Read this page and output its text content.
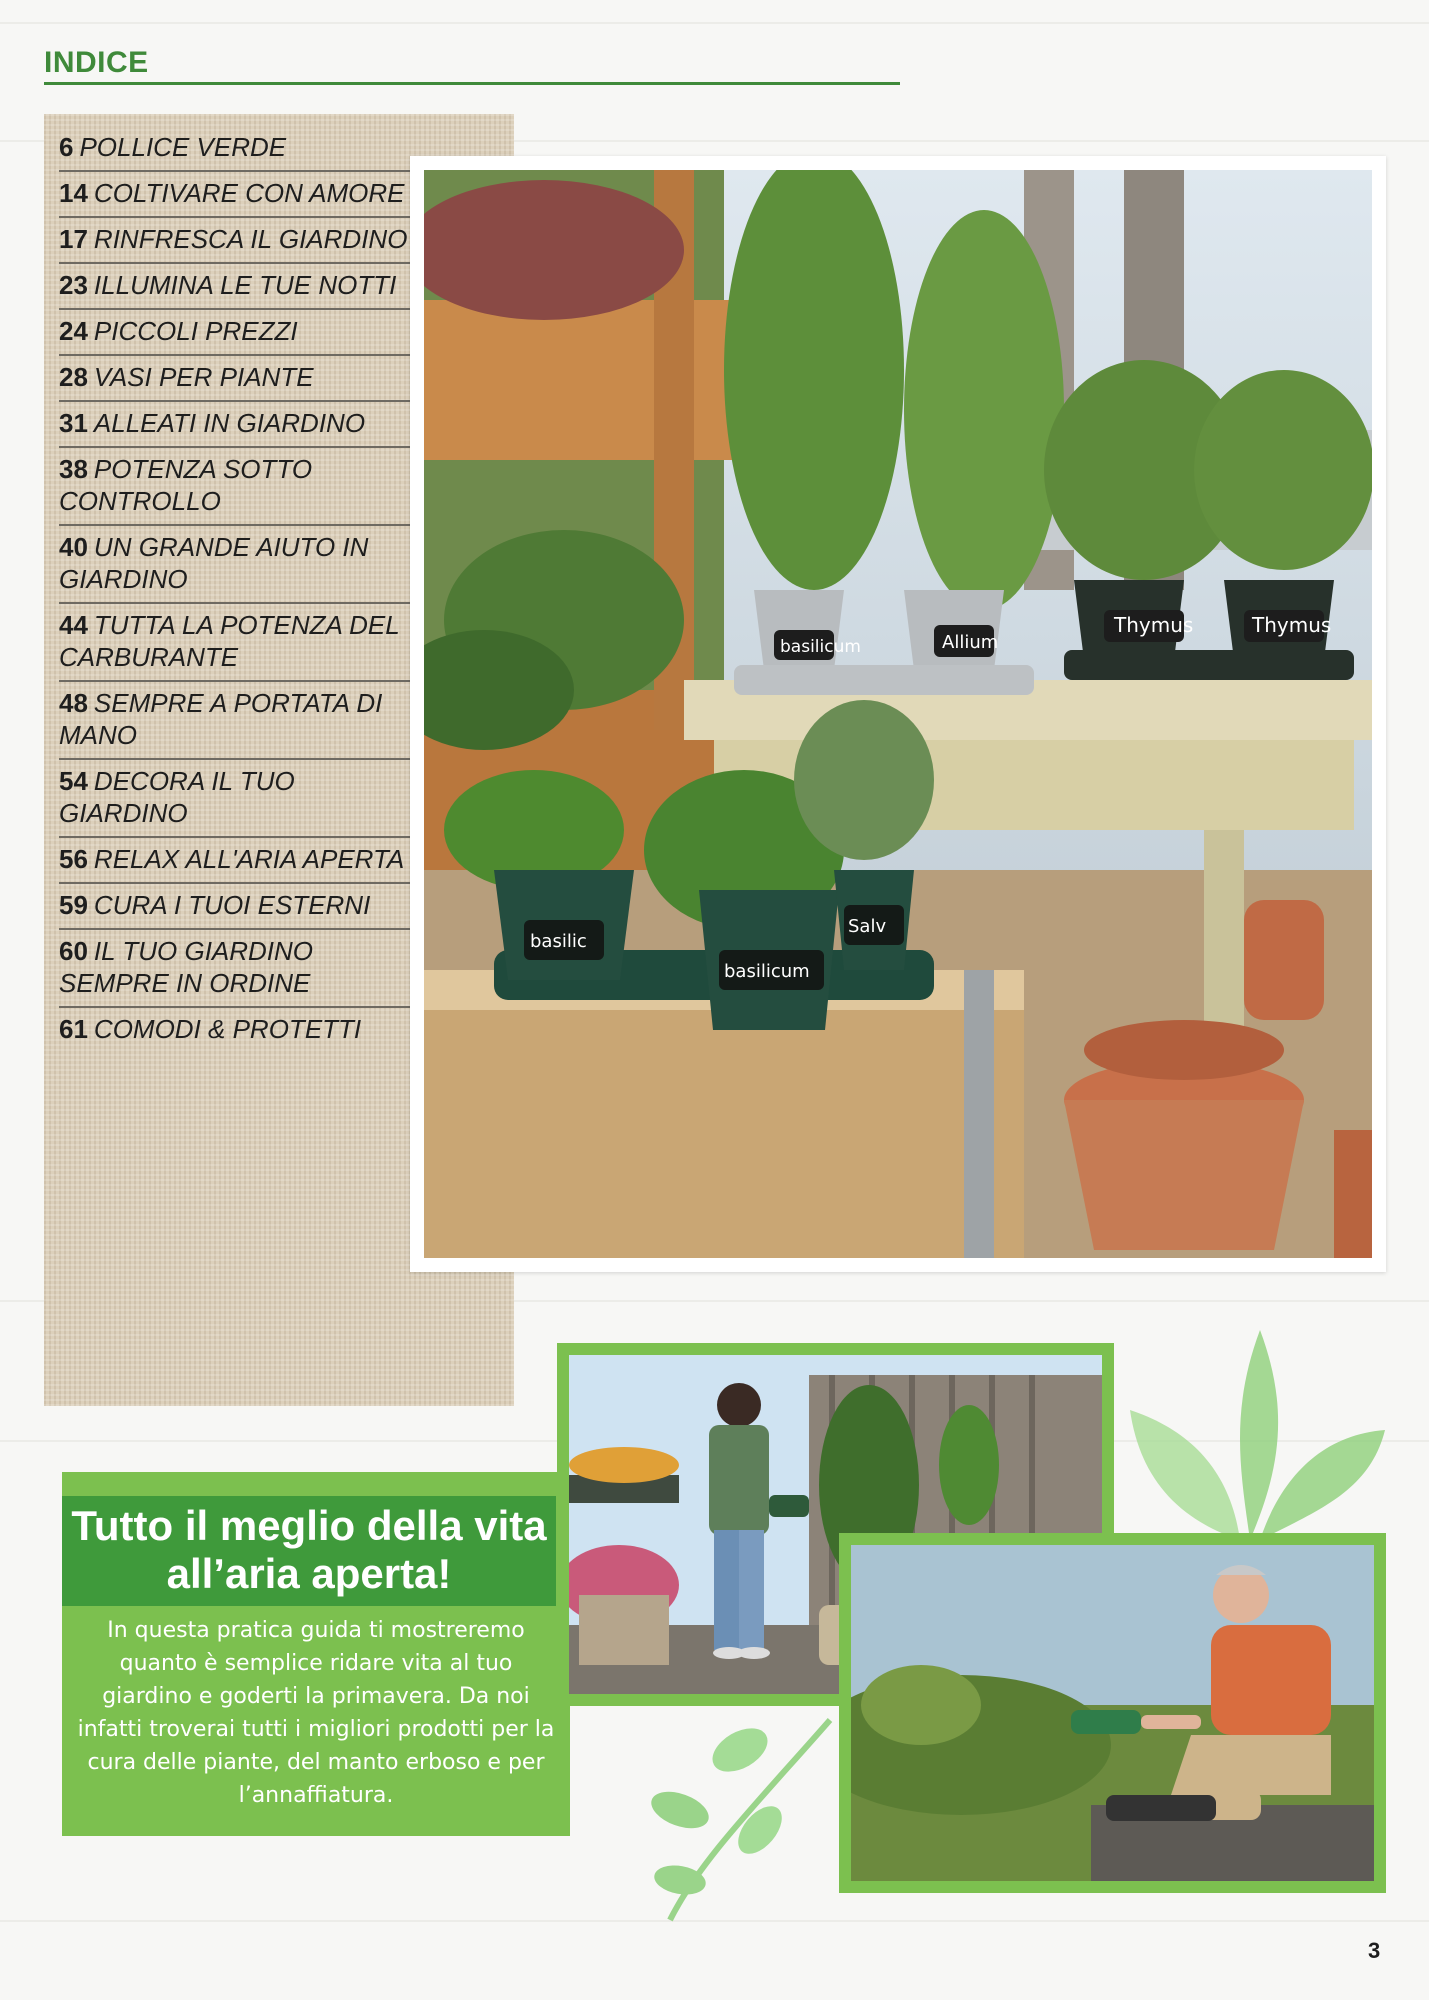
INDICE
6 POLLICE VERDE
14 COLTIVARE CON AMORE
17 RINFRESCA IL GIARDINO
23 ILLUMINA LE TUE NOTTI
24 PICCOLI PREZZI
28 VASI PER PIANTE
31 ALLEATI IN GIARDINO
38 POTENZA SOTTO CONTROLLO
40 UN GRANDE AIUTO IN GIARDINO
44 TUTTA LA POTENZA DEL CARBURANTE
48 SEMPRE A PORTATA DI MANO
54 DECORA IL TUO GIARDINO
56 RELAX ALL'ARIA APERTA
59 CURA I TUOI ESTERNI
60 IL TUO GIARDINO SEMPRE IN ORDINE
61 COMODI & PROTETTI
basilicum	Allium
Thymus	Thymus
basilic
basilicum
Salv
Tutto il meglio della vita all’aria aperta!
In questa pratica guida ti mostreremo quanto è semplice ridare vita al tuo giardino e goderti la primavera. Da noi infatti troverai tutti i migliori prodotti per la cura delle piante, del manto erboso e per l’annaffiatura.
3
